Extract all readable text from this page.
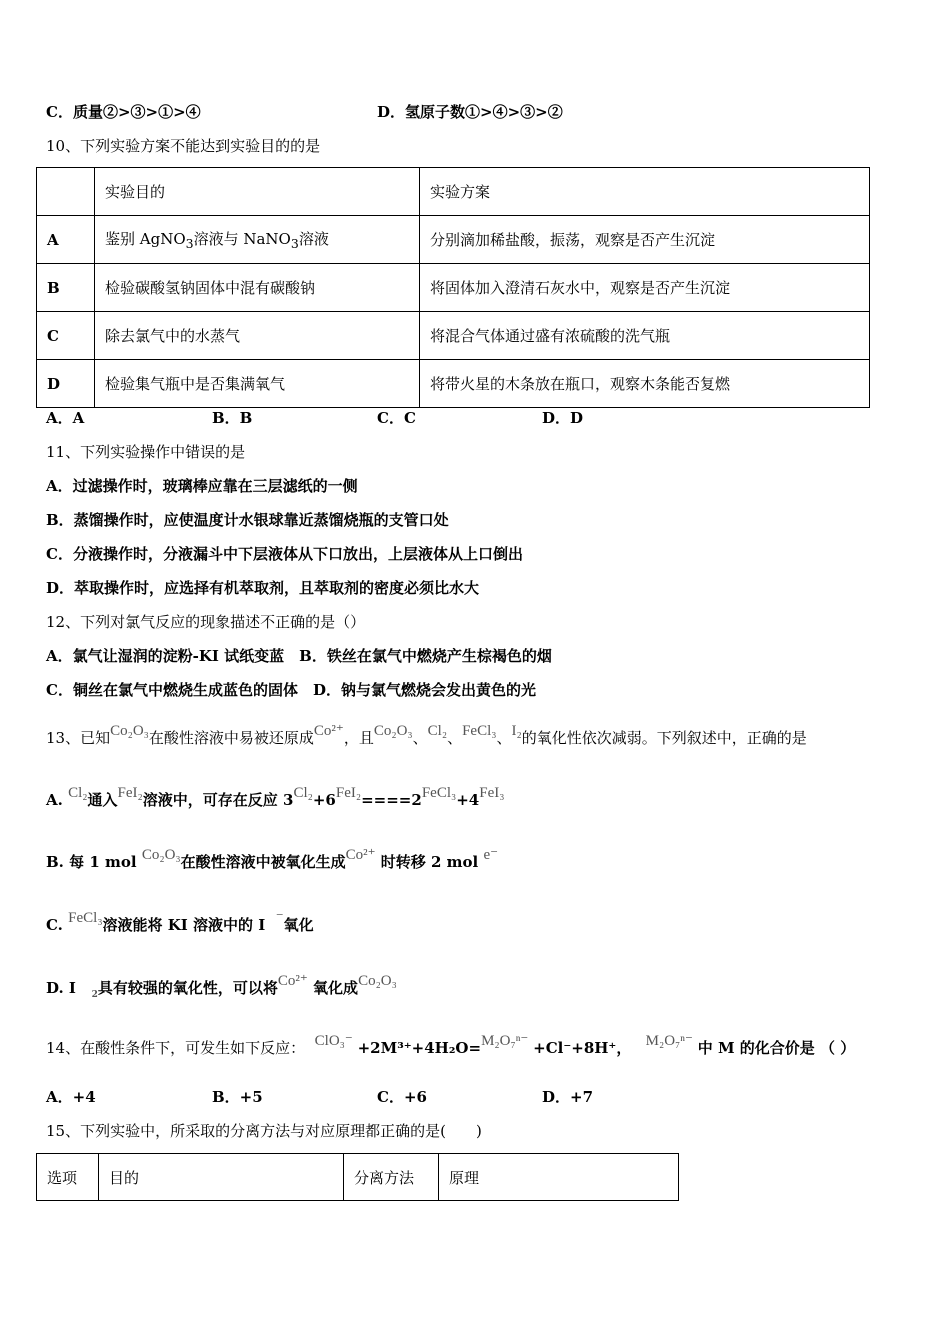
C．质量②>③>①>④	D．氢原子数①>④>③>②
10、下列实验方案不能达到实验目的的是
	实验目的	实验方案
A	鉴别 AgNO$_3$溶液与 NaNO$_3$溶液	分别滴加稀盐酸，振荡，观察是否产生沉淀
B	检验碳酸氢钠固体中混有碳酸钠	将固体加入澄清石灰水中，观察是否产生沉淀
C	除去氯气中的水蒸气	将混合气体通过盛有浓硫酸的洗气瓶
D	检验集气瓶中是否集满氧气	将带火星的木条放在瓶口，观察木条能否复燃
A．A	B．B	C．C	D．D
11、下列实验操作中错误的是
A．过滤操作时，玻璃棒应靠在三层滤纸的一侧
B．蒸馏操作时，应使温度计水银球靠近蒸馏烧瓶的支管口处
C．分液操作时，分液漏斗中下层液体从下口放出，上层液体从上口倒出
D．萃取操作时，应选择有机萃取剂，且萃取剂的密度必须比水大
12、下列对氯气反应的现象描述不正确的是（）
A．氯气让湿润的淀粉-KI 试纸变蓝　B．铁丝在氯气中燃烧产生棕褐色的烟
C．铜丝在氯气中燃烧生成蓝色的固体　D．钠与氯气燃烧会发出黄色的光
13、已知Co₂O₃在酸性溶液中易被还原成Co²⁺，且Co₂O₃、Cl₂、FeCl₃、I₂的氧化性依次减弱。下列叙述中，正确的是
A. Cl₂通入FeI₂溶液中，可存在反应 3Cl₂+6FeI₂====2FeCl₃+4FeI₃
B. 每 1 mol Co₂O₃在酸性溶液中被氧化生成Co²⁺ 时转移 2 mol e⁻
C. FeCl₃溶液能将 KI 溶液中的 I ⁻氧化
D. I $_2$具有较强的氧化性，可以将Co²⁺ 氧化成Co₂O₃
14、在酸性条件下，可发生如下反应： ClO₃⁻ +2M³⁺+4H₂O=M₂O₇ⁿ⁻ +Cl⁻+8H⁺， M₂O₇ⁿ⁻ 中 M 的化合价是 （ ）
A．+4	B．+5	C．+6	D．+7
15、下列实验中，所采取的分离方法与对应原理都正确的是(　　)
选项	目的	分离方法	原理
